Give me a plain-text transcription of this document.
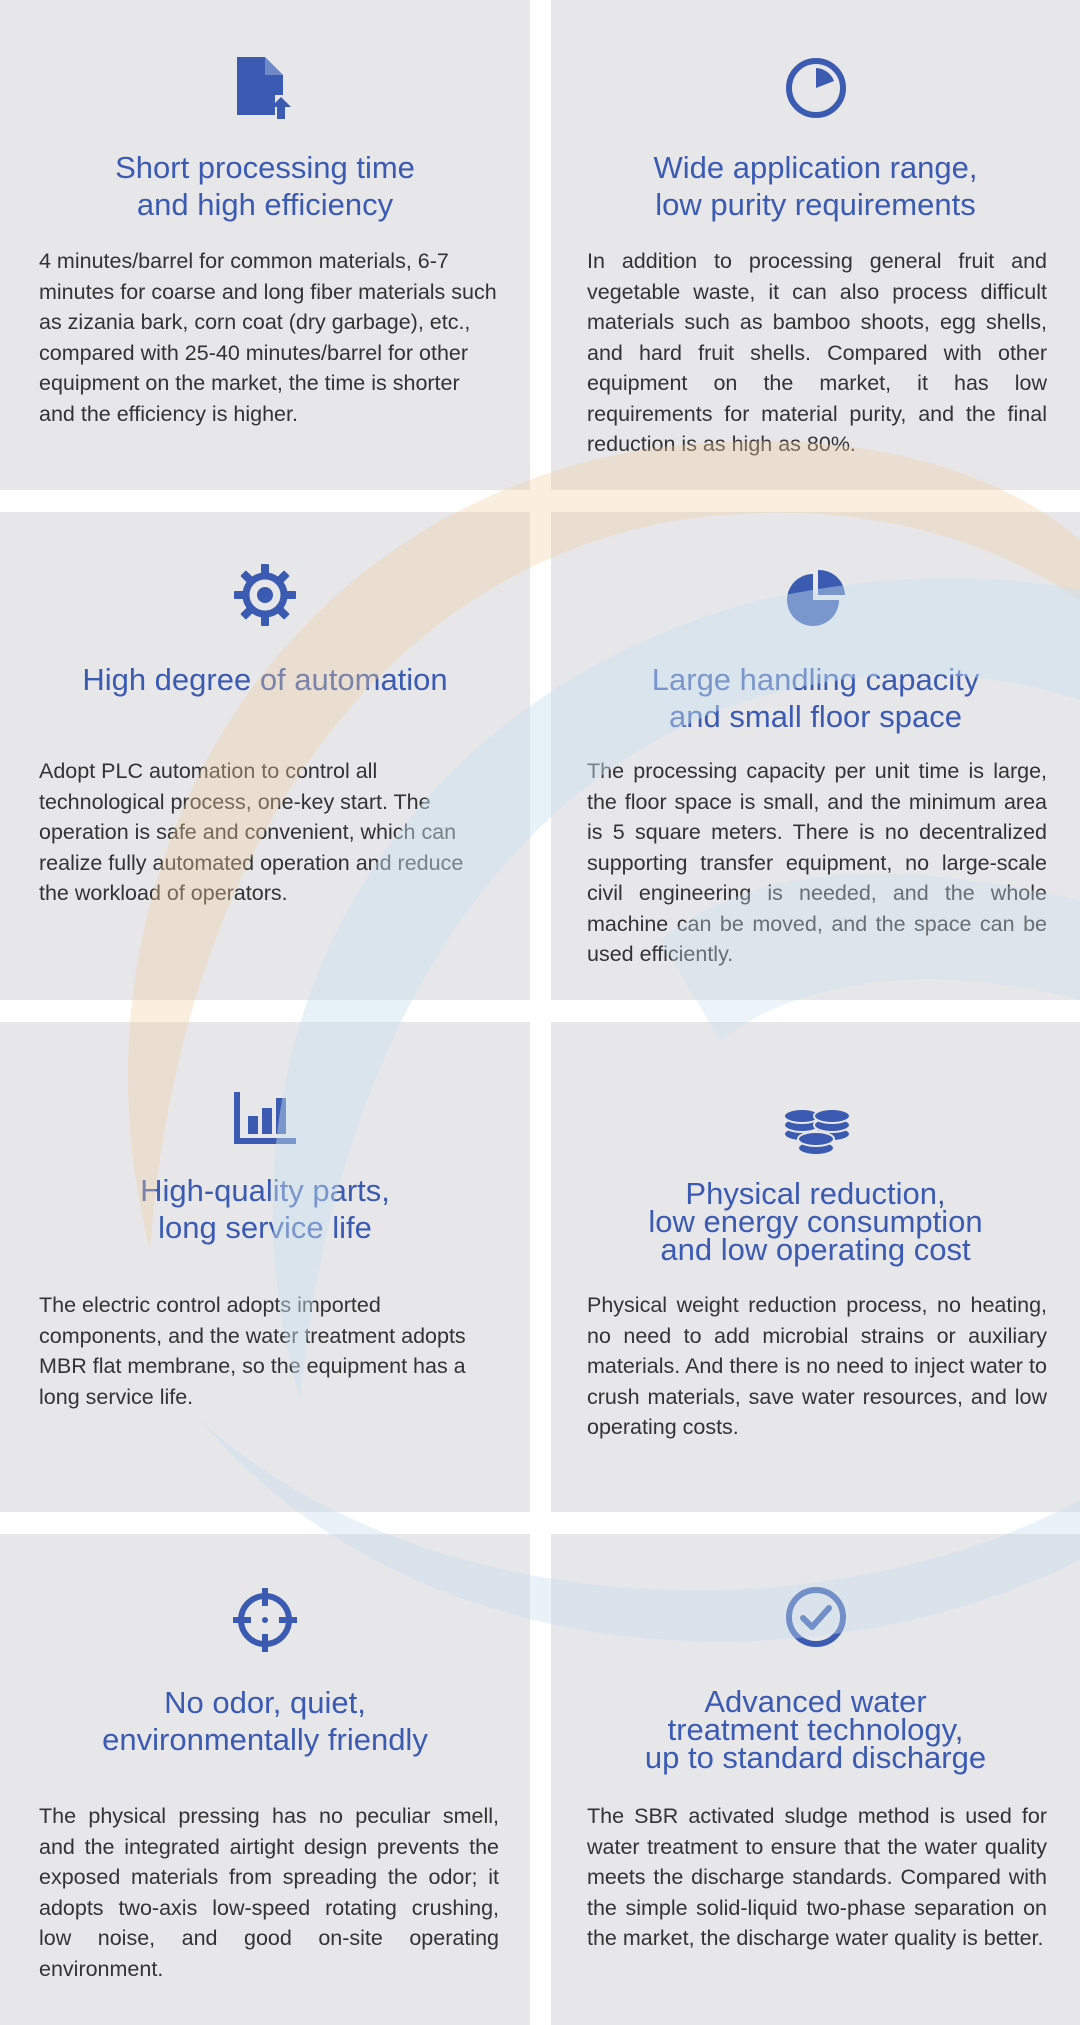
Short processing time
and high efficiency
4 minutes/barrel for common materials, 6-7 minutes for coarse and long fiber materials such as zizania bark, corn coat (dry garbage), etc., compared with 25-40 minutes/barrel for other equipment on the market, the time is shorter and the efficiency is higher.
Wide application range,
low purity requirements
In addition to processing general fruit and vegetable waste, it can also process difficult materials such as bamboo shoots, egg shells, and hard fruit shells. Compared with other equipment on the market, it has low requirements for material purity, and the final reduction is as high as 80%.
High degree of automation
Adopt PLC automation to control all technological process, one-key start. The operation is safe and convenient, which can realize fully automated operation and reduce the workload of operators.
Large handling capacity
and small floor space
The processing capacity per unit time is large, the floor space is small, and the minimum area is 5 square meters. There is no decentralized supporting transfer equipment, no large-scale civil engineering is needed, and the whole machine can be moved, and the space can be used efficiently.
High-quality parts,
long service life
The electric control adopts imported components, and the water treatment adopts MBR flat membrane, so the equipment has a long service life.
Physical reduction,
low energy consumption
and low operating cost
Physical weight reduction process, no heating, no need to add microbial strains or auxiliary materials. And there is no need to inject water to crush materials, save water resources, and low operating costs.
No odor, quiet,
environmentally friendly
The physical pressing has no peculiar smell, and the integrated airtight design prevents the exposed materials from spreading the odor; it adopts two-axis low-speed rotating crushing, low noise, and good on-site operating environment.
Advanced water
treatment technology,
up to standard discharge
The SBR activated sludge method is used for water treatment to ensure that the water quality meets the discharge standards. Compared with the simple solid-liquid two-phase separation on the market, the discharge water quality is better.
